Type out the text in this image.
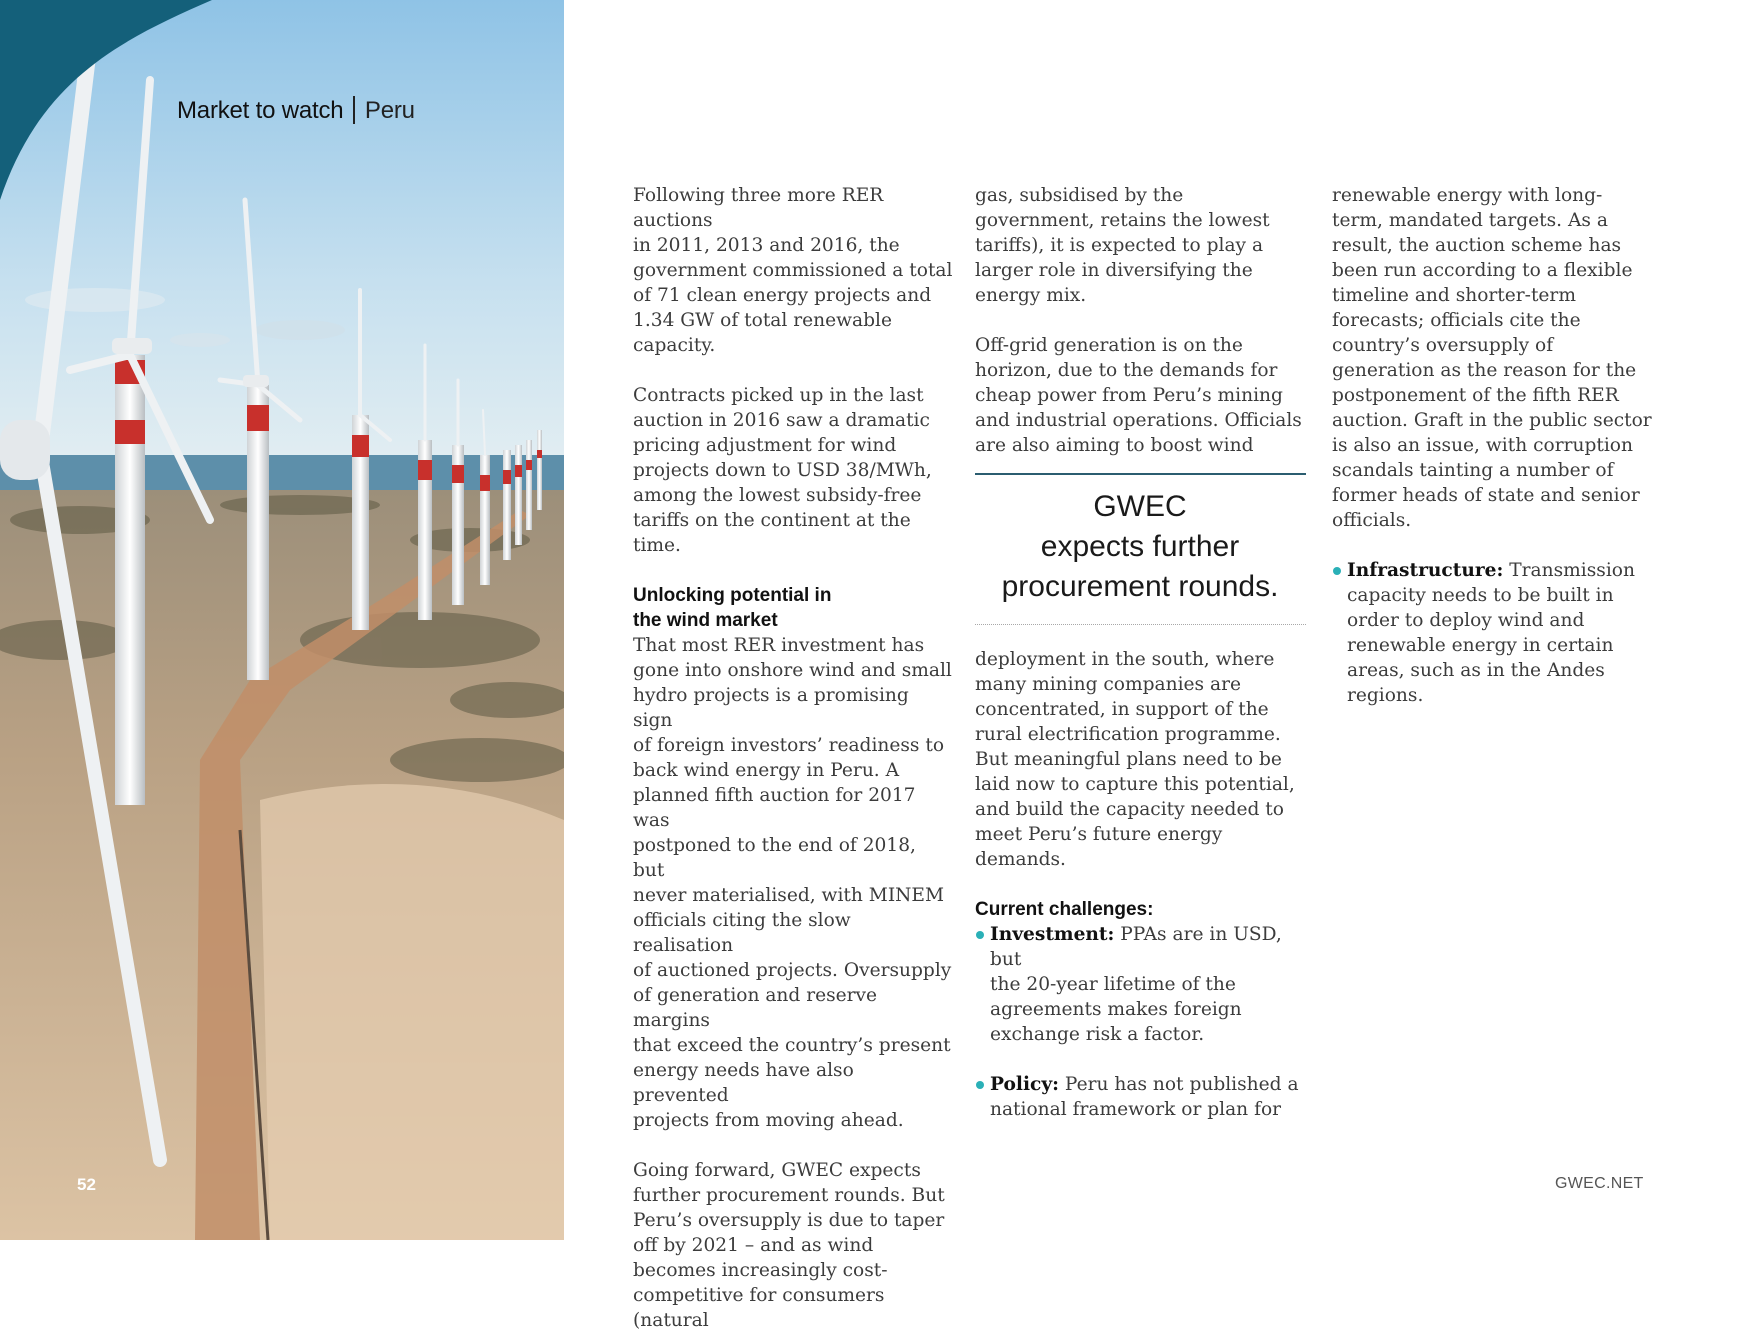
Market to watch Peru
52

Following three more RER auctions
in 2011, 2013 and 2016, the
government commissioned a total
of 71 clean energy projects and
1.34 GW of total renewable
capacity.

Contracts picked up in the last
auction in 2016 saw a dramatic
pricing adjustment for wind
projects down to USD 38/MWh,
among the lowest subsidy-free
tariffs on the continent at the time.

Unlocking potential in
the wind market

That most RER investment has
gone into onshore wind and small
hydro projects is a promising sign
of foreign investors’ readiness to
back wind energy in Peru. A
planned fifth auction for 2017 was
postponed to the end of 2018, but
never materialised, with MINEM
officials citing the slow realisation
of auctioned projects. Oversupply
of generation and reserve margins
that exceed the country’s present
energy needs have also prevented
projects from moving ahead.

Going forward, GWEC expects
further procurement rounds. But
Peru’s oversupply is due to taper
off by 2021 – and as wind
becomes increasingly cost-
competitive for consumers (natural

gas, subsidised by the
government, retains the lowest
tariffs), it is expected to play a
larger role in diversifying the
energy mix.

Off-grid generation is on the
horizon, due to the demands for
cheap power from Peru’s mining
and industrial operations. Officials
are also aiming to boost wind

GWEC
expects further
procurement rounds.

deployment in the south, where
many mining companies are
concentrated, in support of the
rural electrification programme.
But meaningful plans need to be
laid now to capture this potential,
and build the capacity needed to
meet Peru’s future energy
demands.

Current challenges:
Investment: PPAs are in USD, but
the 20-year lifetime of the
agreements makes foreign
exchange risk a factor.
Policy: Peru has not published a
national framework or plan for

renewable energy with long-
term, mandated targets. As a
result, the auction scheme has
been run according to a flexible
timeline and shorter-term
forecasts; officials cite the
country’s oversupply of
generation as the reason for the
postponement of the fifth RER
auction. Graft in the public sector
is also an issue, with corruption
scandals tainting a number of
former heads of state and senior
officials.

Infrastructure: Transmission
capacity needs to be built in
order to deploy wind and
renewable energy in certain
areas, such as in the Andes
regions.
GWEC.NET
